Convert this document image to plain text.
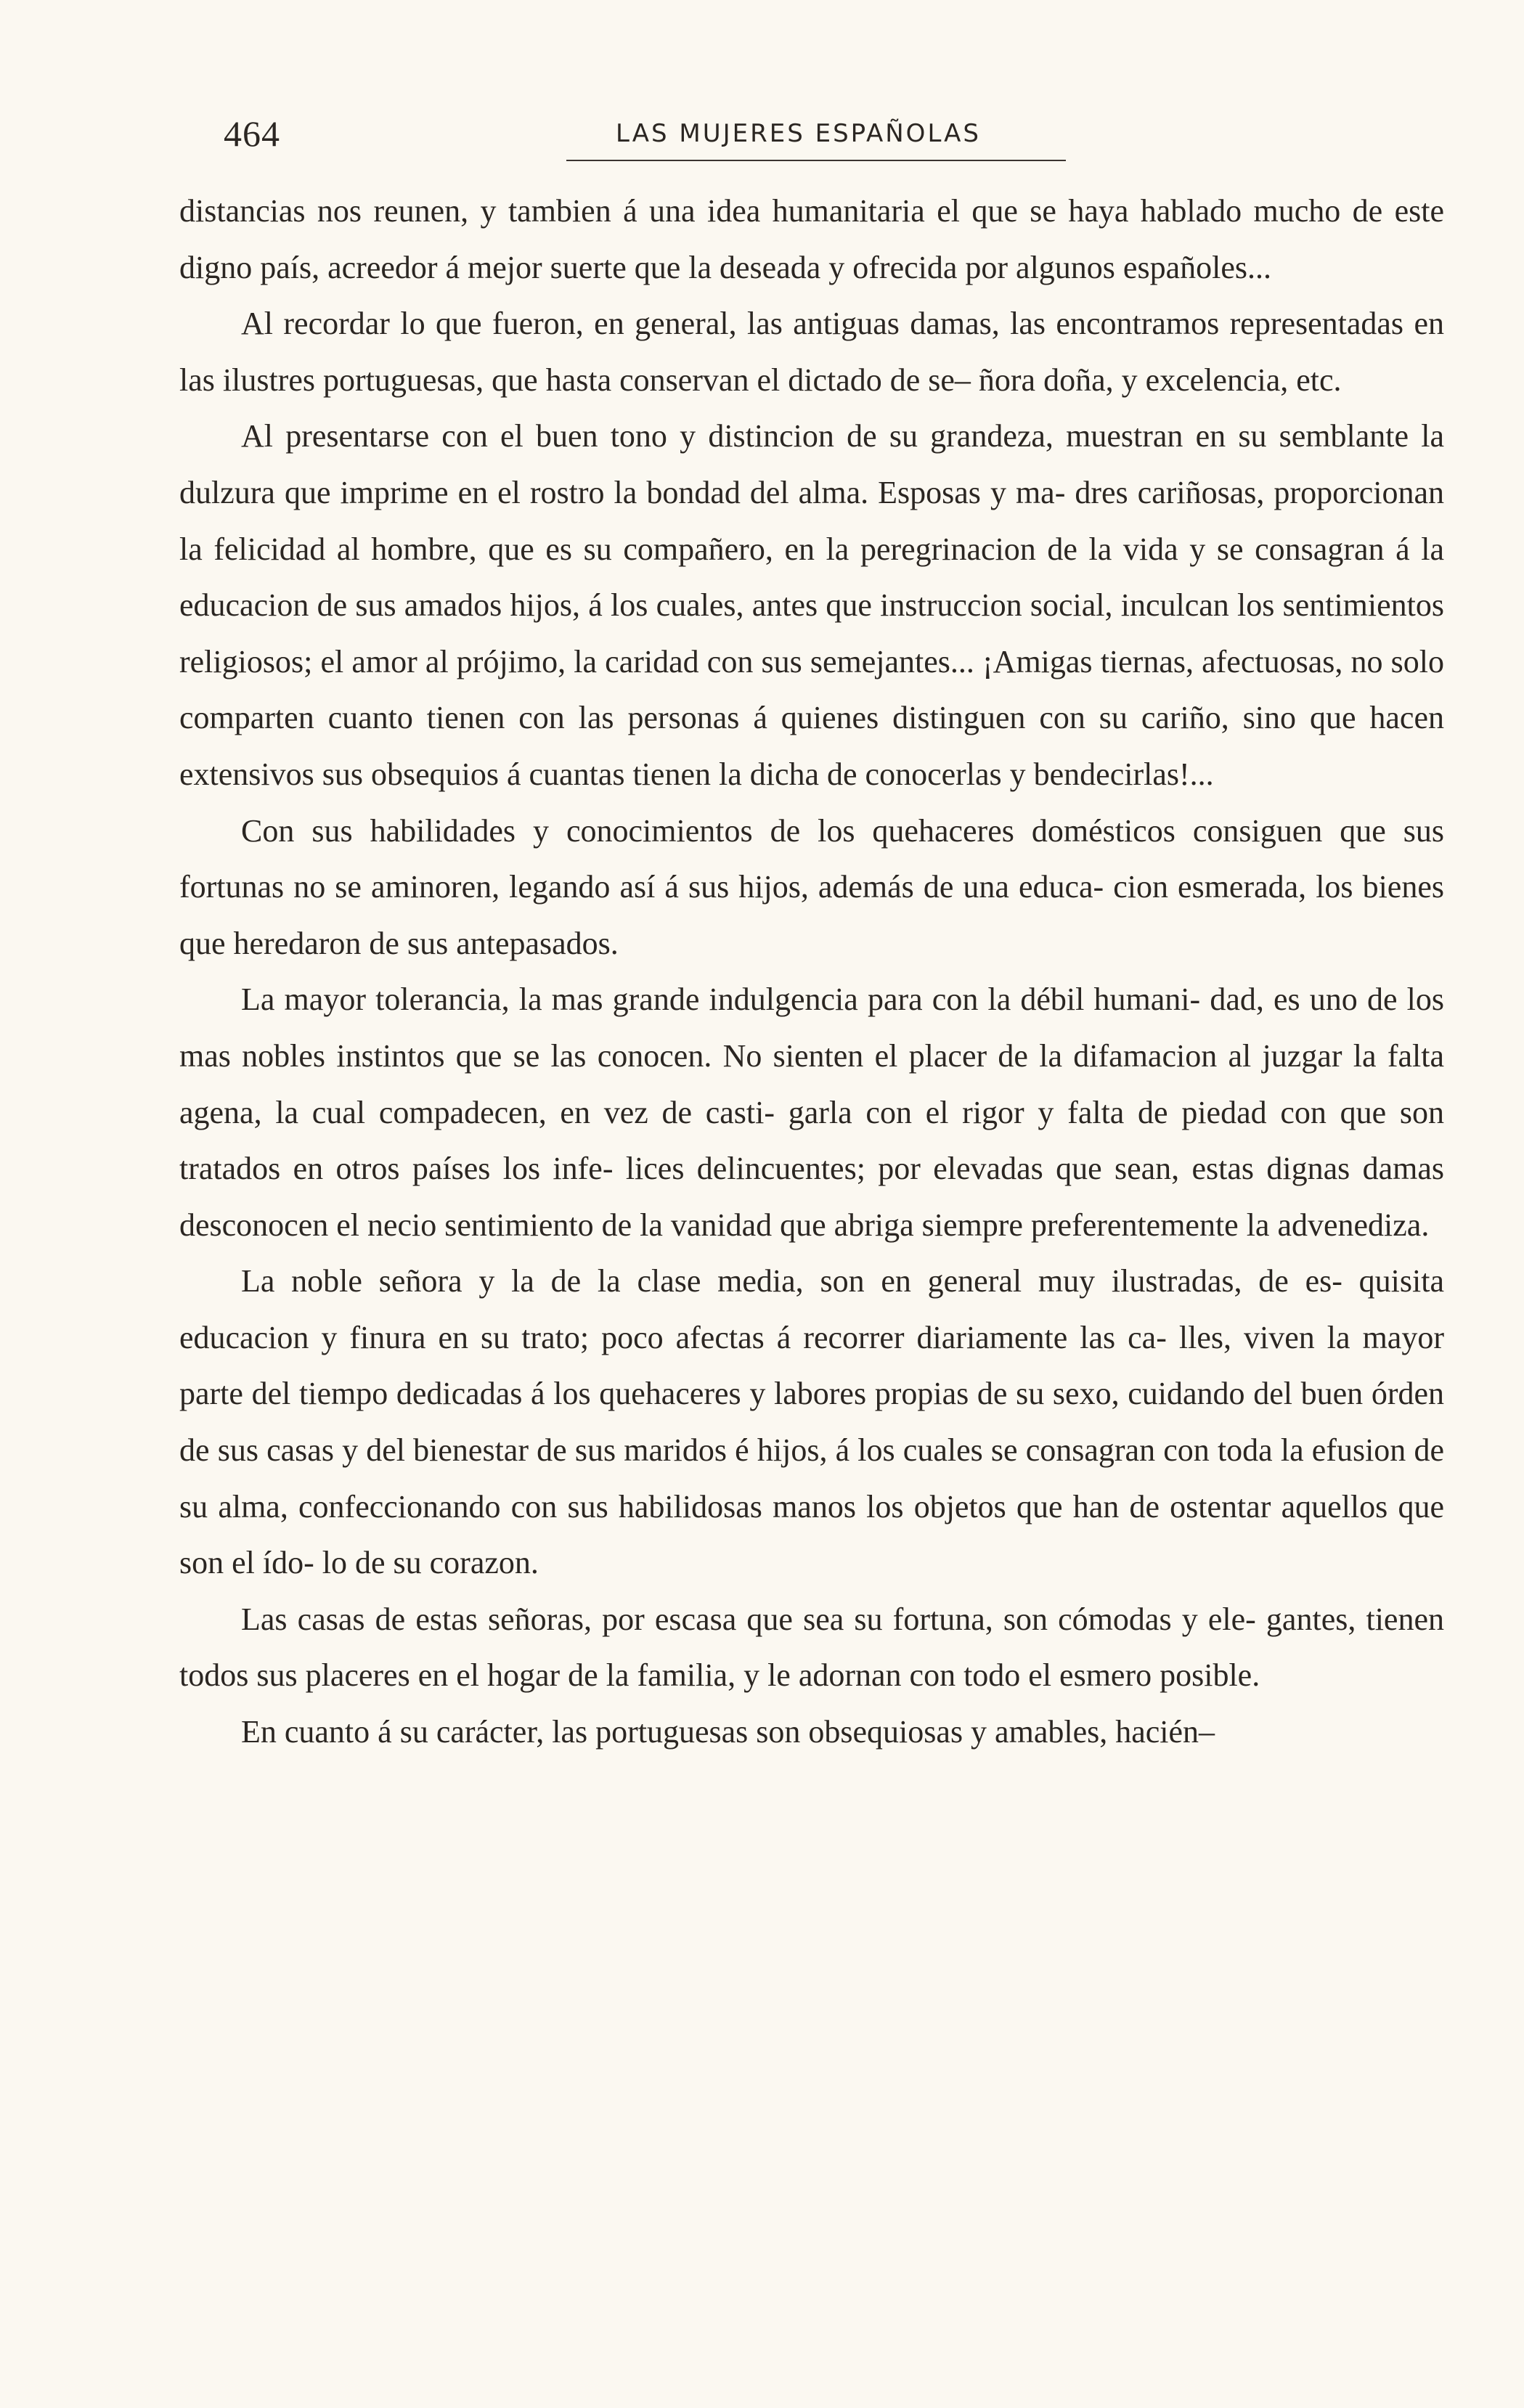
464	LAS MUJERES ESPAÑOLAS

distancias nos reunen, y tambien á una idea humanitaria el que se haya hablado mucho de este digno país, acreedor á mejor suerte que la deseada y ofrecida por algunos españoles...

Al recordar lo que fueron, en general, las antiguas damas, las encontramos representadas en las ilustres portuguesas, que hasta conservan el dictado de se– ñora doña, y excelencia, etc.

Al presentarse con el buen tono y distincion de su grandeza, muestran en su semblante la dulzura que imprime en el rostro la bondad del alma. Esposas y ma- dres cariñosas, proporcionan la felicidad al hombre, que es su compañero, en la peregrinacion de la vida y se consagran á la educacion de sus amados hijos, á los cuales, antes que instruccion social, inculcan los sentimientos religiosos; el amor al prójimo, la caridad con sus semejantes... ¡Amigas tiernas, afectuosas, no solo comparten cuanto tienen con las personas á quienes distinguen con su cariño, sino que hacen extensivos sus obsequios á cuantas tienen la dicha de conocerlas y bendecirlas!...

Con sus habilidades y conocimientos de los quehaceres domésticos consiguen que sus fortunas no se aminoren, legando así á sus hijos, además de una educa- cion esmerada, los bienes que heredaron de sus antepasados.

La mayor tolerancia, la mas grande indulgencia para con la débil humani- dad, es uno de los mas nobles instintos que se las conocen. No sienten el placer de la difamacion al juzgar la falta agena, la cual compadecen, en vez de casti- garla con el rigor y falta de piedad con que son tratados en otros países los infe- lices delincuentes; por elevadas que sean, estas dignas damas desconocen el necio sentimiento de la vanidad que abriga siempre preferentemente la advenediza.

La noble señora y la de la clase media, son en general muy ilustradas, de es- quisita educacion y finura en su trato; poco afectas á recorrer diariamente las ca- lles, viven la mayor parte del tiempo dedicadas á los quehaceres y labores propias de su sexo, cuidando del buen órden de sus casas y del bienestar de sus maridos é hijos, á los cuales se consagran con toda la efusion de su alma, confeccionando con sus habilidosas manos los objetos que han de ostentar aquellos que son el ído- lo de su corazon.

Las casas de estas señoras, por escasa que sea su fortuna, son cómodas y ele- gantes, tienen todos sus placeres en el hogar de la familia, y le adornan con todo el esmero posible.

En cuanto á su carácter, las portuguesas son obsequiosas y amables, hacién–
